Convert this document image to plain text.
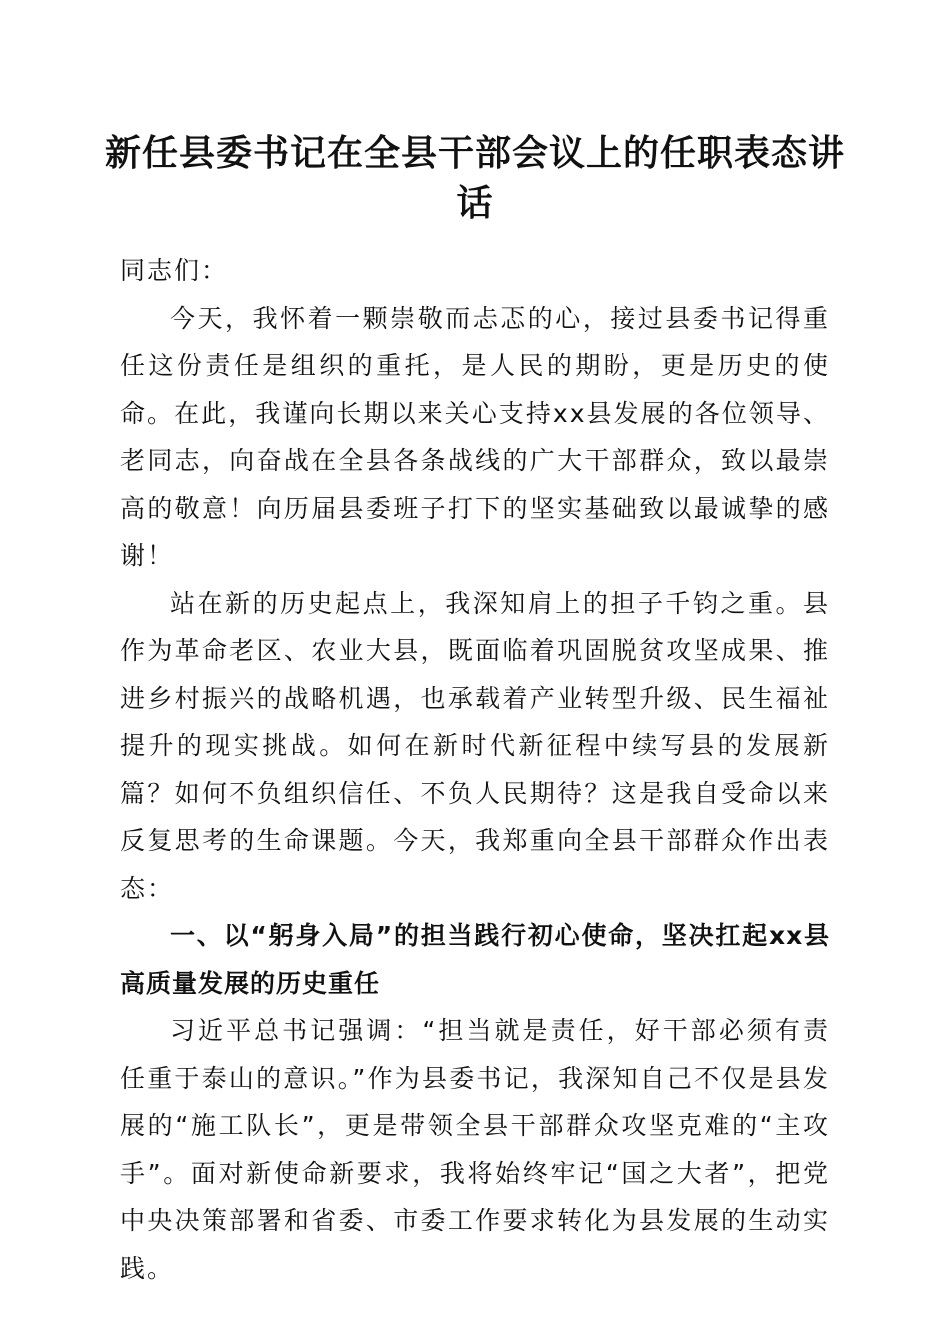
新任县委书记在全县干部会议上的任职表态讲话

同志们：

今天，我怀着一颗崇敬而忐忑的心，接过县委书记得重任这份责任是组织的重托，是人民的期盼，更是历史的使命。在此，我谨向长期以来关心支持xx县发展的各位领导、老同志，向奋战在全县各条战线的广大干部群众，致以最崇高的敬意！向历届县委班子打下的坚实基础致以最诚挚的感谢！

站在新的历史起点上，我深知肩上的担子千钧之重。县作为革命老区、农业大县，既面临着巩固脱贫攻坚成果、推进乡村振兴的战略机遇，也承载着产业转型升级、民生福祉提升的现实挑战。如何在新时代新征程中续写县的发展新篇？如何不负组织信任、不负人民期待？这是我自受命以来反复思考的生命课题。今天，我郑重向全县干部群众作出表态：

一、以“躬身入局”的担当践行初心使命，坚决扛起xx县高质量发展的历史重任

习近平总书记强调：“担当就是责任，好干部必须有责任重于泰山的意识。”作为县委书记，我深知自己不仅是县发展的“施工队长”，更是带领全县干部群众攻坚克难的“主攻手”。面对新使命新要求，我将始终牢记“国之大者”，把党中央决策部署和省委、市委工作要求转化为县发展的生动实践。
